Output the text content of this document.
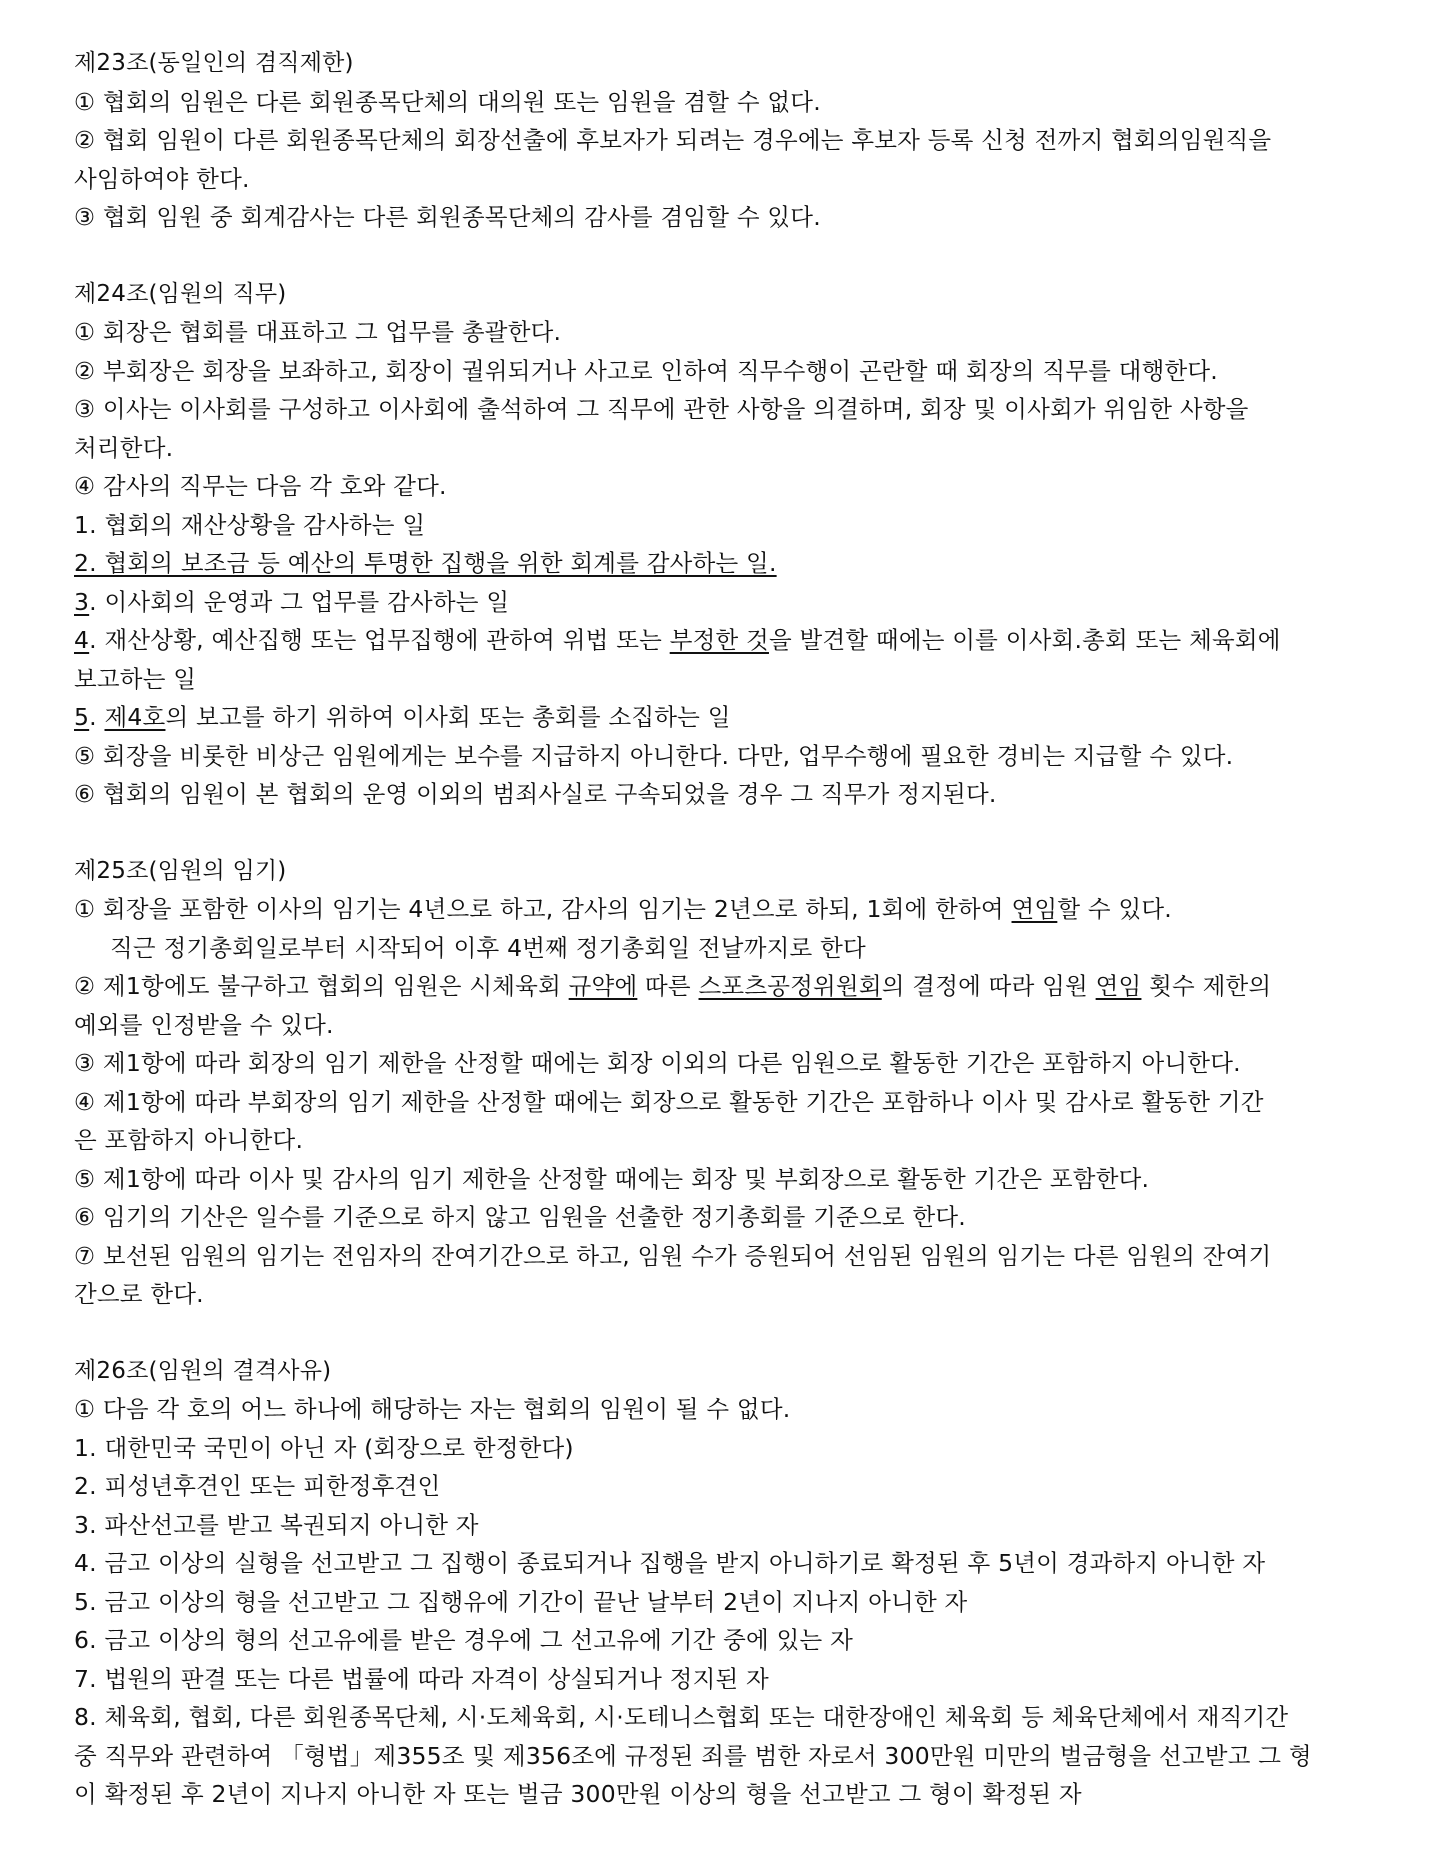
제23조(동일인의 겸직제한)
① 협회의 임원은 다른 회원종목단체의 대의원 또는 임원을 겸할 수 없다.
② 협회 임원이 다른 회원종목단체의 회장선출에 후보자가 되려는 경우에는 후보자 등록 신청 전까지 협회의임원직을
사임하여야 한다.
③ 협회 임원 중 회계감사는 다른 회원종목단체의 감사를 겸임할 수 있다.
제24조(임원의 직무)
① 회장은 협회를 대표하고 그 업무를 총괄한다.
② 부회장은 회장을 보좌하고, 회장이 궐위되거나 사고로 인하여 직무수행이 곤란할 때 회장의 직무를 대행한다.
③ 이사는 이사회를 구성하고 이사회에 출석하여 그 직무에 관한 사항을 의결하며, 회장 및 이사회가 위임한 사항을
처리한다.
④ 감사의 직무는 다음 각 호와 같다.
1. 협회의 재산상황을 감사하는 일
2. 협회의 보조금 등 예산의 투명한 집행을 위한 회계를 감사하는 일.
3. 이사회의 운영과 그 업무를 감사하는 일
4. 재산상황, 예산집행 또는 업무집행에 관하여 위법 또는 부정한 것을 발견할 때에는 이를 이사회.총회 또는 체육회에
보고하는 일
5. 제4호의 보고를 하기 위하여 이사회 또는 총회를 소집하는 일
⑤ 회장을 비롯한 비상근 임원에게는 보수를 지급하지 아니한다. 다만, 업무수행에 필요한 경비는 지급할 수 있다.
⑥ 협회의 임원이 본 협회의 운영 이외의 범죄사실로 구속되었을 경우 그 직무가 정지된다.
제25조(임원의 임기)
① 회장을 포함한 이사의 임기는 4년으로 하고, 감사의 임기는 2년으로 하되, 1회에 한하여 연임할 수 있다.
직근 정기총회일로부터 시작되어 이후 4번째 정기총회일 전날까지로 한다
② 제1항에도 불구하고 협회의 임원은 시체육회 규약에 따른 스포츠공정위원회의 결정에 따라 임원 연임 횟수 제한의
예외를 인정받을 수 있다.
③ 제1항에 따라 회장의 임기 제한을 산정할 때에는 회장 이외의 다른 임원으로 활동한 기간은 포함하지 아니한다.
④ 제1항에 따라 부회장의 임기 제한을 산정할 때에는 회장으로 활동한 기간은 포함하나 이사 및 감사로 활동한 기간
은 포함하지 아니한다.
⑤ 제1항에 따라 이사 및 감사의 임기 제한을 산정할 때에는 회장 및 부회장으로 활동한 기간은 포함한다.
⑥ 임기의 기산은 일수를 기준으로 하지 않고 임원을 선출한 정기총회를 기준으로 한다.
⑦ 보선된 임원의 임기는 전임자의 잔여기간으로 하고, 임원 수가 증원되어 선임된 임원의 임기는 다른 임원의 잔여기
간으로 한다.
제26조(임원의 결격사유)
① 다음 각 호의 어느 하나에 해당하는 자는 협회의 임원이 될 수 없다.
1. 대한민국 국민이 아닌 자 (회장으로 한정한다)
2. 피성년후견인 또는 피한정후견인
3. 파산선고를 받고 복권되지 아니한 자
4. 금고 이상의 실형을 선고받고 그 집행이 종료되거나 집행을 받지 아니하기로 확정된 후 5년이 경과하지 아니한 자
5. 금고 이상의 형을 선고받고 그 집행유에 기간이 끝난 날부터 2년이 지나지 아니한 자
6. 금고 이상의 형의 선고유에를 받은 경우에 그 선고유에 기간 중에 있는 자
7. 법원의 판결 또는 다른 법률에 따라 자격이 상실되거나 정지된 자
8. 체육회, 협회, 다른 회원종목단체, 시·도체육회, 시·도테니스협회 또는 대한장애인 체육회 등 체육단체에서 재직기간
중 직무와 관련하여 「형법」제355조 및 제356조에 규정된 죄를 범한 자로서 300만원 미만의 벌금형을 선고받고 그 형
이 확정된 후 2년이 지나지 아니한 자 또는 벌금 300만원 이상의 형을 선고받고 그 형이 확정된 자
